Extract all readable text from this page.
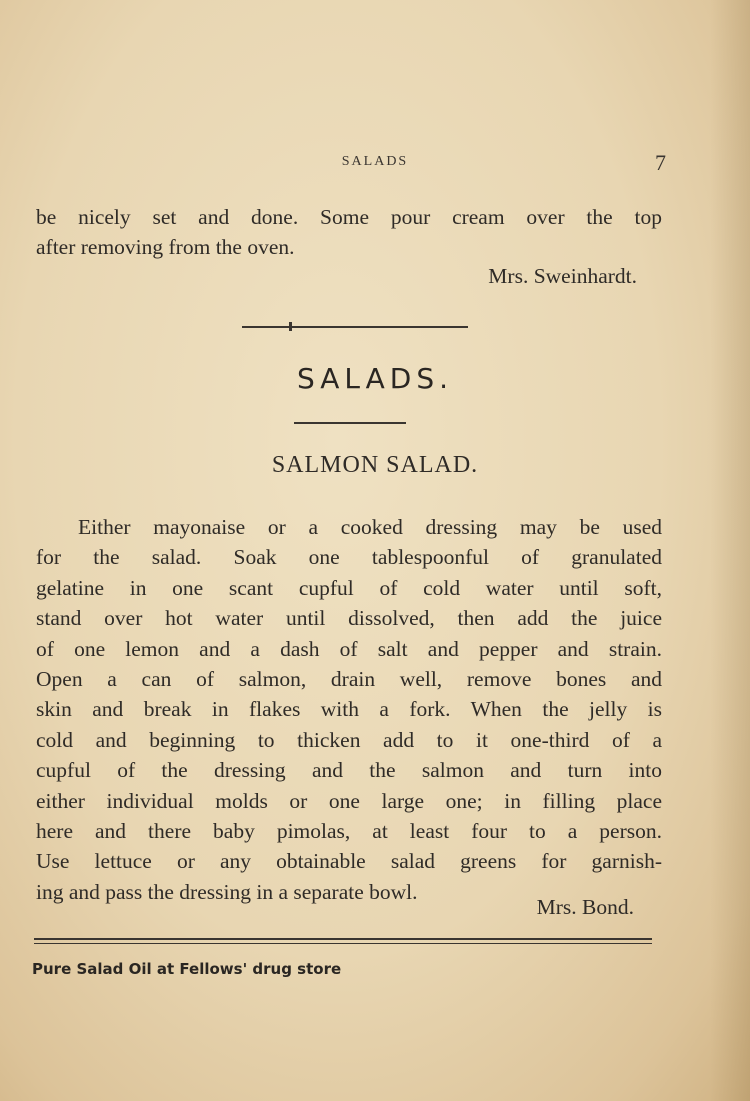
SALADS	7

be nicely set and done. Some pour cream over the top

after removing from the oven.

Mrs. Sweinhardt.
SALADS.
SALMON SALAD.

Either mayonaise or a cooked dressing may be used

for the salad. Soak one tablespoonful of granulated

gelatine in one scant cupful of cold water until soft,

stand over hot water until dissolved, then add the juice

of one lemon and a dash of salt and pepper and strain.

Open a can of salmon, drain well, remove bones and

skin and break in flakes with a fork. When the jelly is

cold and beginning to thicken add to it one-third of a

cupful of the dressing and the salmon and turn into

either individual molds or one large one; in filling place

here and there baby pimolas, at least four to a person.

Use lettuce or any obtainable salad greens for garnish-

ing and pass the dressing in a separate bowl.

Mrs. Bond.
Pure Salad Oil at Fellows' drug store
